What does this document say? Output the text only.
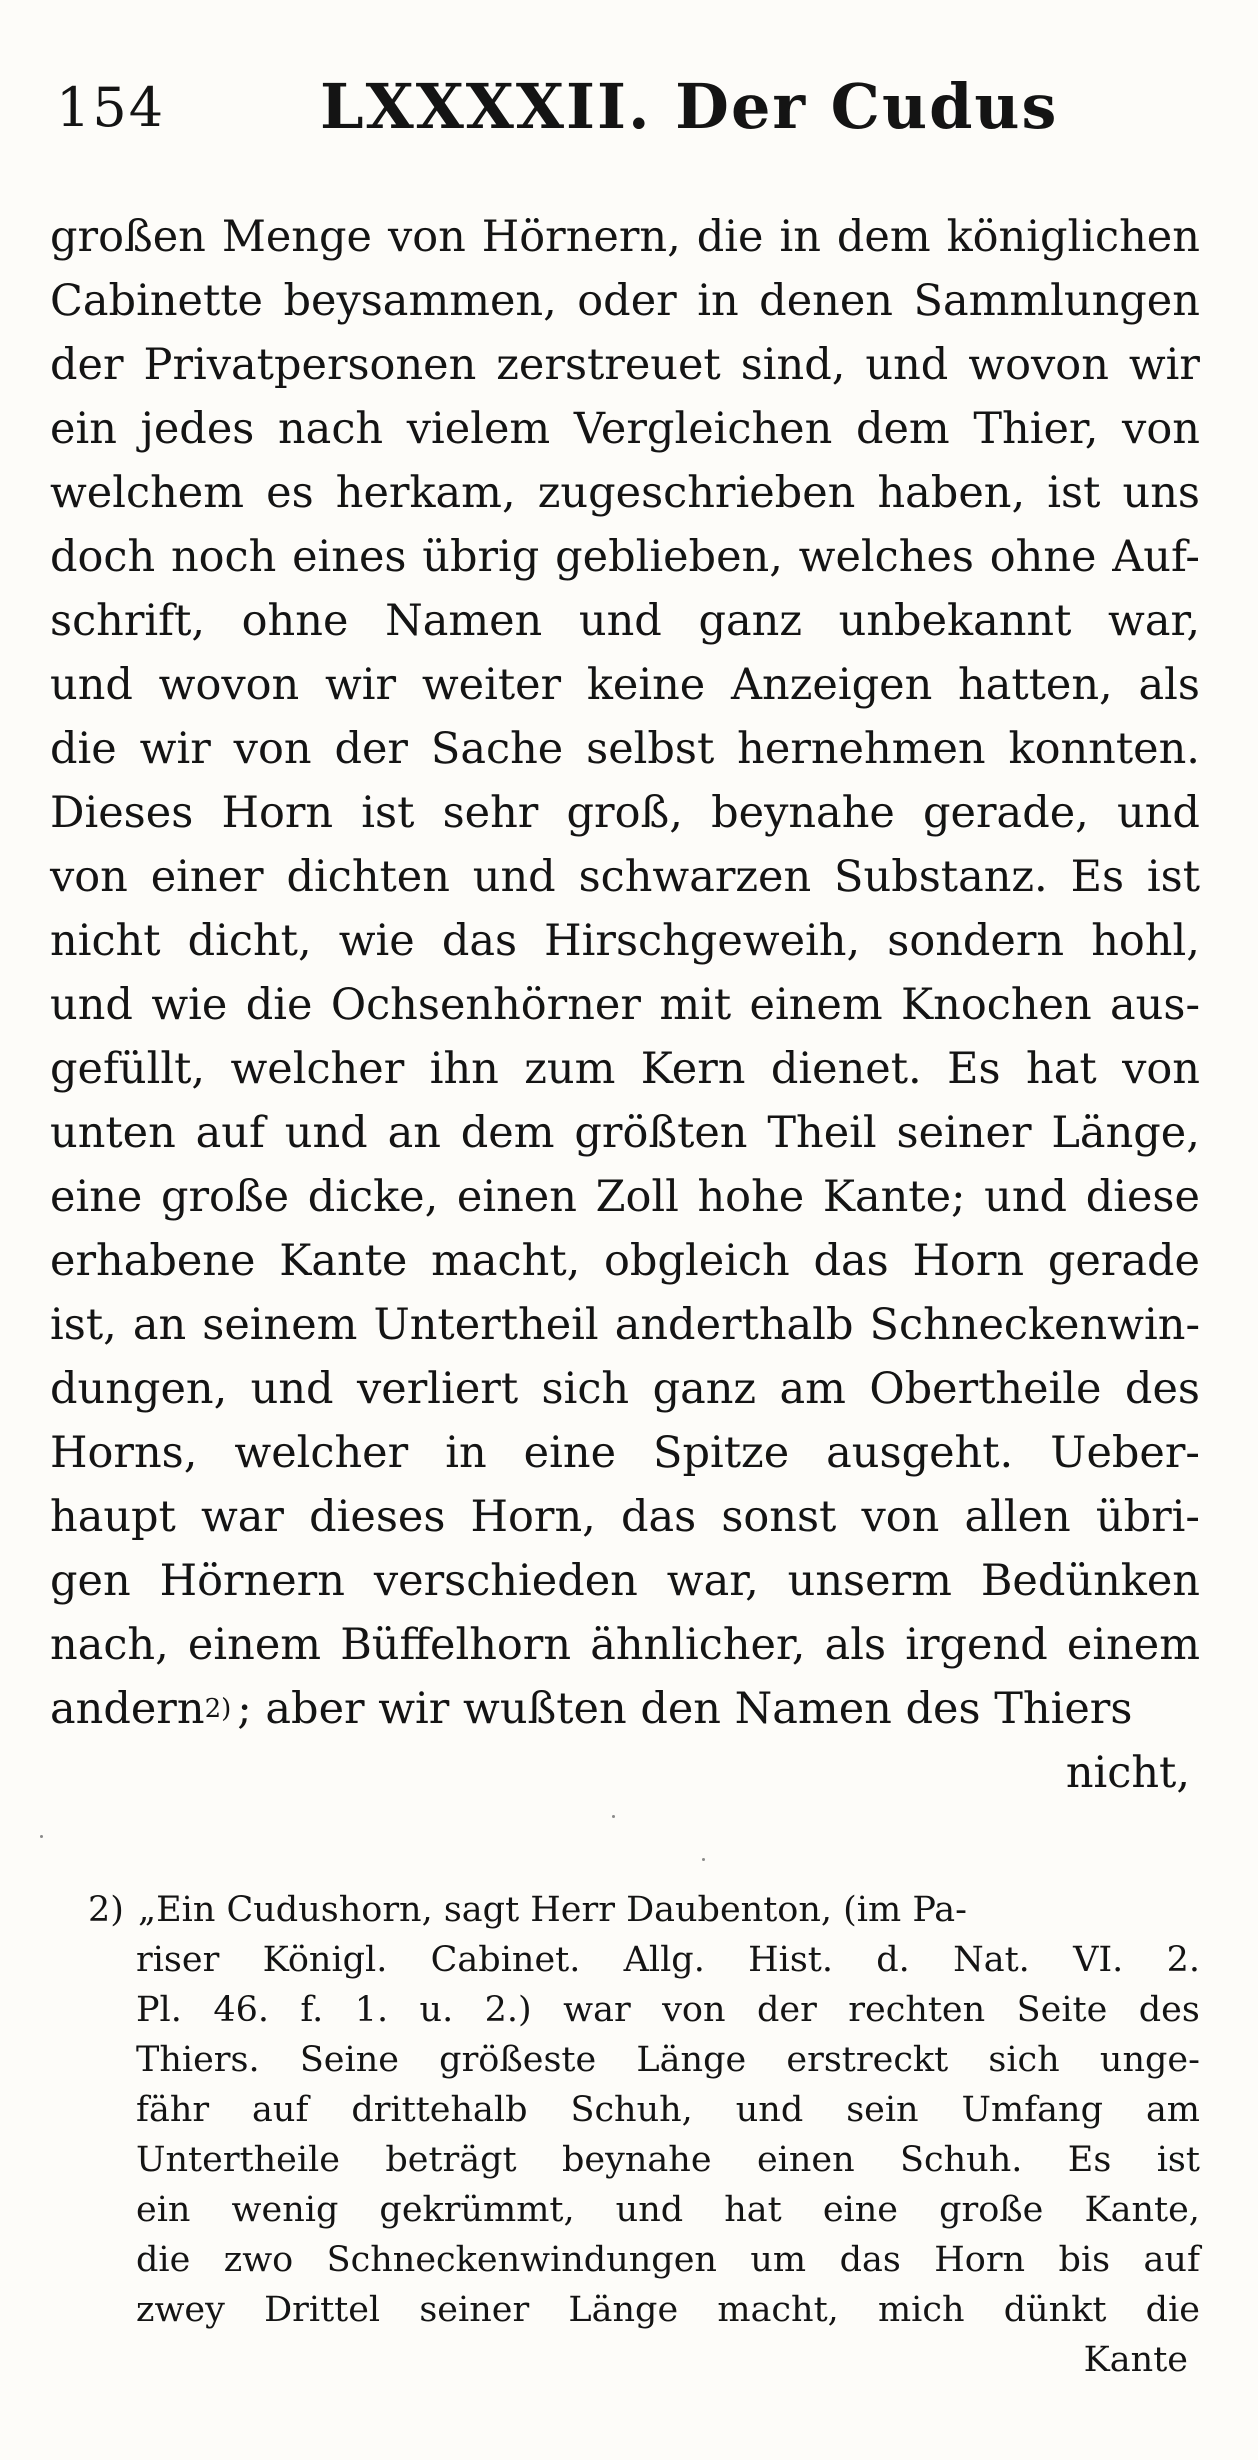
154 LXXXXII. Der Cudus
großen Menge von Hörnern, die in dem königlichen
Cabinette beysammen, oder in denen Sammlungen
der Privatpersonen zerstreuet sind, und wovon wir
ein jedes nach vielem Vergleichen dem Thier, von
welchem es herkam, zugeschrieben haben, ist uns
doch noch eines übrig geblieben, welches ohne Auf-
schrift, ohne Namen und ganz unbekannt war,
und wovon wir weiter keine Anzeigen hatten, als
die wir von der Sache selbst hernehmen konnten.
Dieses Horn ist sehr groß, beynahe gerade, und
von einer dichten und schwarzen Substanz. Es ist
nicht dicht, wie das Hirschgeweih, sondern hohl,
und wie die Ochsenhörner mit einem Knochen aus-
gefüllt, welcher ihn zum Kern dienet. Es hat von
unten auf und an dem größten Theil seiner Länge,
eine große dicke, einen Zoll hohe Kante; und diese
erhabene Kante macht, obgleich das Horn gerade
ist, an seinem Untertheil anderthalb Schneckenwin-
dungen, und verliert sich ganz am Obertheile des
Horns, welcher in eine Spitze ausgeht. Ueber-
haupt war dieses Horn, das sonst von allen übri-
gen Hörnern verschieden war, unserm Bedünken
nach, einem Büffelhorn ähnlicher, als irgend einem
andern 2) ; aber wir wußten den Namen des Thiers
nicht,
2) „Ein Cudushorn, sagt Herr Daubenton, (im Pa-
riser Königl. Cabinet. Allg. Hist. d. Nat. VI. 2.
Pl. 46. f. 1. u. 2.) war von der rechten Seite des
Thiers. Seine größeste Länge erstreckt sich unge-
fähr auf drittehalb Schuh, und sein Umfang am
Untertheile beträgt beynahe einen Schuh. Es ist
ein wenig gekrümmt, und hat eine große Kante,
die zwo Schneckenwindungen um das Horn bis auf
zwey Drittel seiner Länge macht, mich dünkt die
Kante
